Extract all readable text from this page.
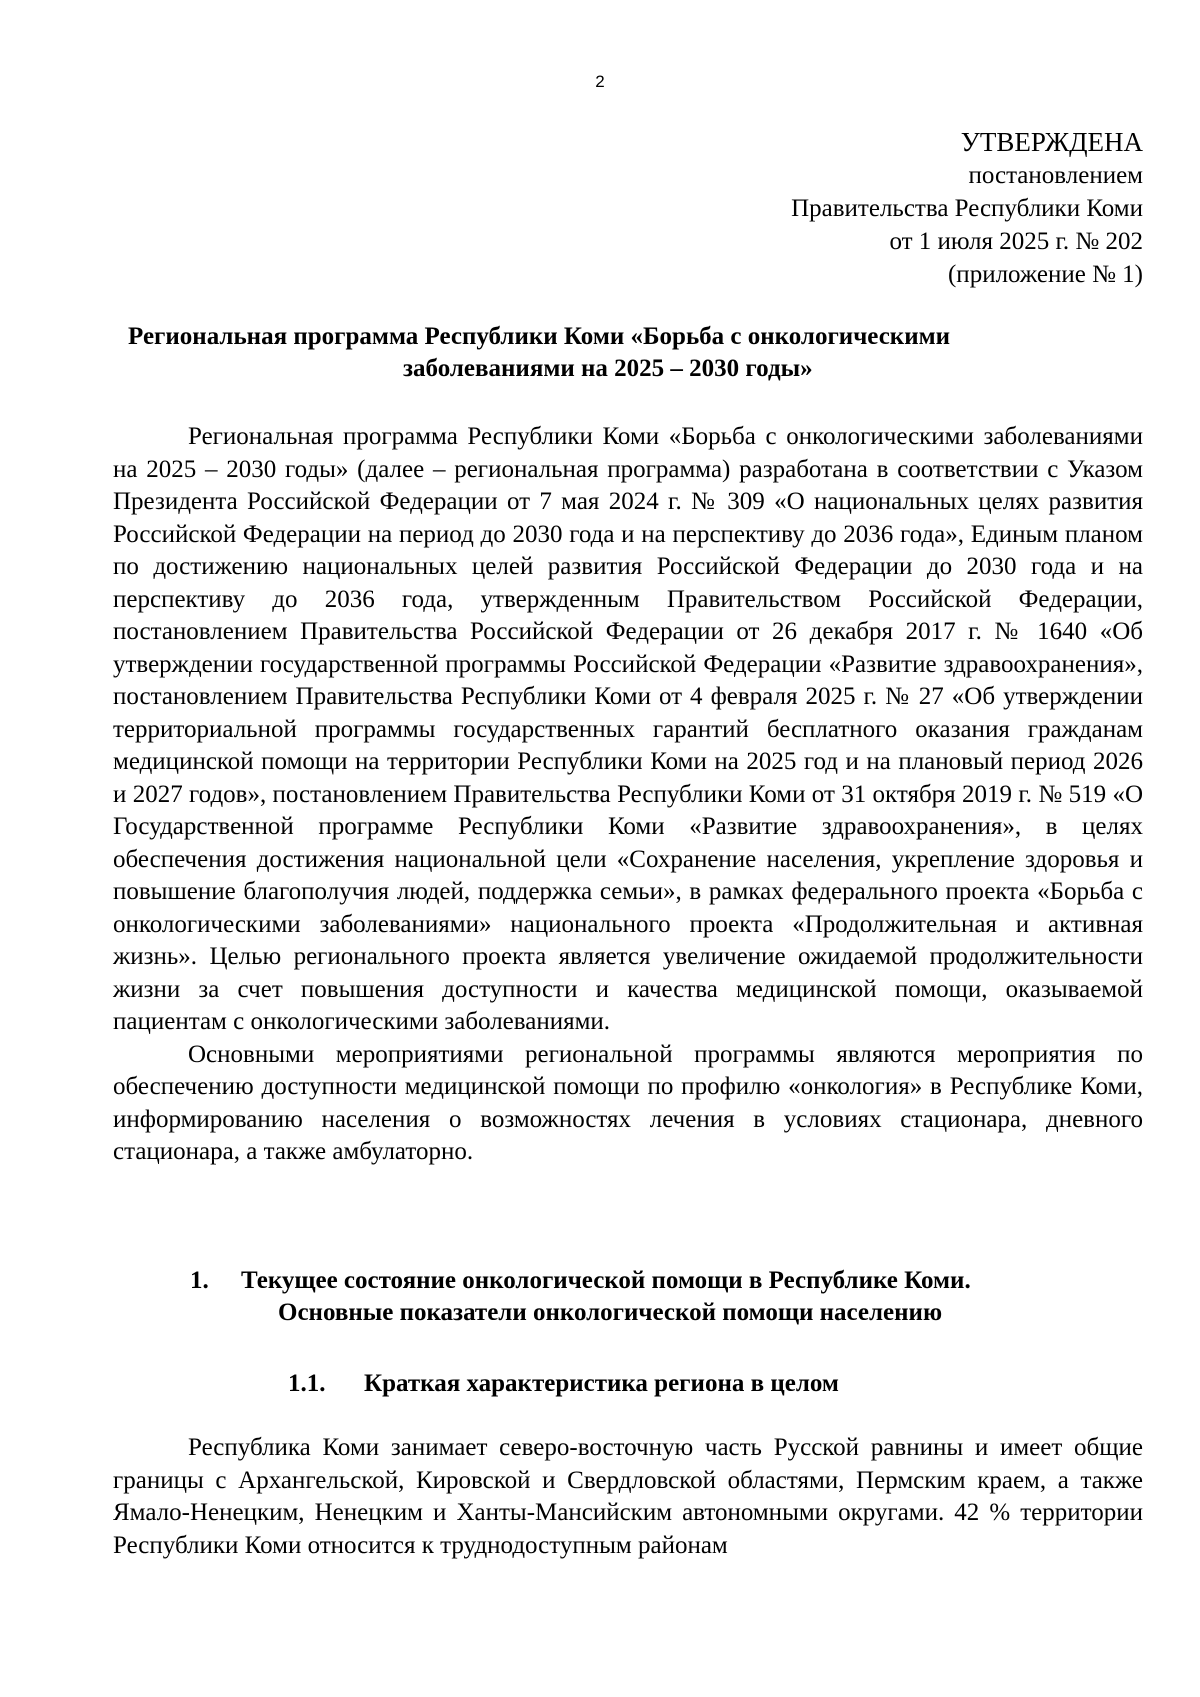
2
УТВЕРЖДЕНА
постановлением
Правительства Республики Коми
от 1 июля 2025 г. № 202
(приложение № 1)
Региональная программа Республики Коми «Борьба с онкологическими
заболеваниями на 2025 – 2030 годы»

Региональная программа Республики Коми «Борьба с онкологическими заболеваниями на 2025 – 2030 годы» (далее – региональная программа) разработана в соответствии с Указом Президента Российской Федерации от 7 мая 2024 г. № 309 «О национальных целях развития Российской Федерации на период до 2030 года и на перспективу до 2036 года», Единым планом по достижению национальных целей развития Российской Федерации до 2030 года и на перспективу до 2036 года, утвержденным Правительством Российской Федерации, постановлением Правительства Российской Федерации от 26 декабря 2017 г. № 1640 «Об утверждении государственной программы Российской Федерации «Развитие здравоохранения», постановлением Правительства Республики Коми от 4 февраля 2025 г. № 27 «Об утверждении территориальной программы государственных гарантий бесплатного оказания гражданам медицинской помощи на территории Республики Коми на 2025 год и на плановый период 2026 и 2027 годов», постановлением Правительства Республики Коми от 31 октября 2019 г. № 519 «О Государственной программе Республики Коми «Развитие здравоохранения», в целях обеспечения достижения национальной цели «Сохранение населения, укрепление здоровья и повышение благополучия людей, поддержка семьи», в рамках федерального проекта «Борьба с онкологическими заболеваниями» национального проекта «Продолжительная и активная жизнь». Целью регионального проекта является увеличение ожидаемой продолжительности жизни за счет повышения доступности и качества медицинской помощи, оказываемой пациентам с онкологическими заболеваниями.

Основными мероприятиями региональной программы являются мероприятия по обеспечению доступности медицинской помощи по профилю «онкология» в Республике Коми, информированию населения о возможностях лечения в условиях стационара, дневного стационара, а также амбулаторно.

1. Текущее состояние онкологической помощи в Республике Коми.
Основные показатели онкологической помощи населению
1.1. Краткая характеристика региона в целом

Республика Коми занимает северо-восточную часть Русской равнины и имеет общие границы с Архангельской, Кировской и Свердловской областями, Пермским краем, а также Ямало-Ненецким, Ненецким и Ханты-Мансийским автономными округами. 42 % территории Республики Коми относится к труднодоступным районам
